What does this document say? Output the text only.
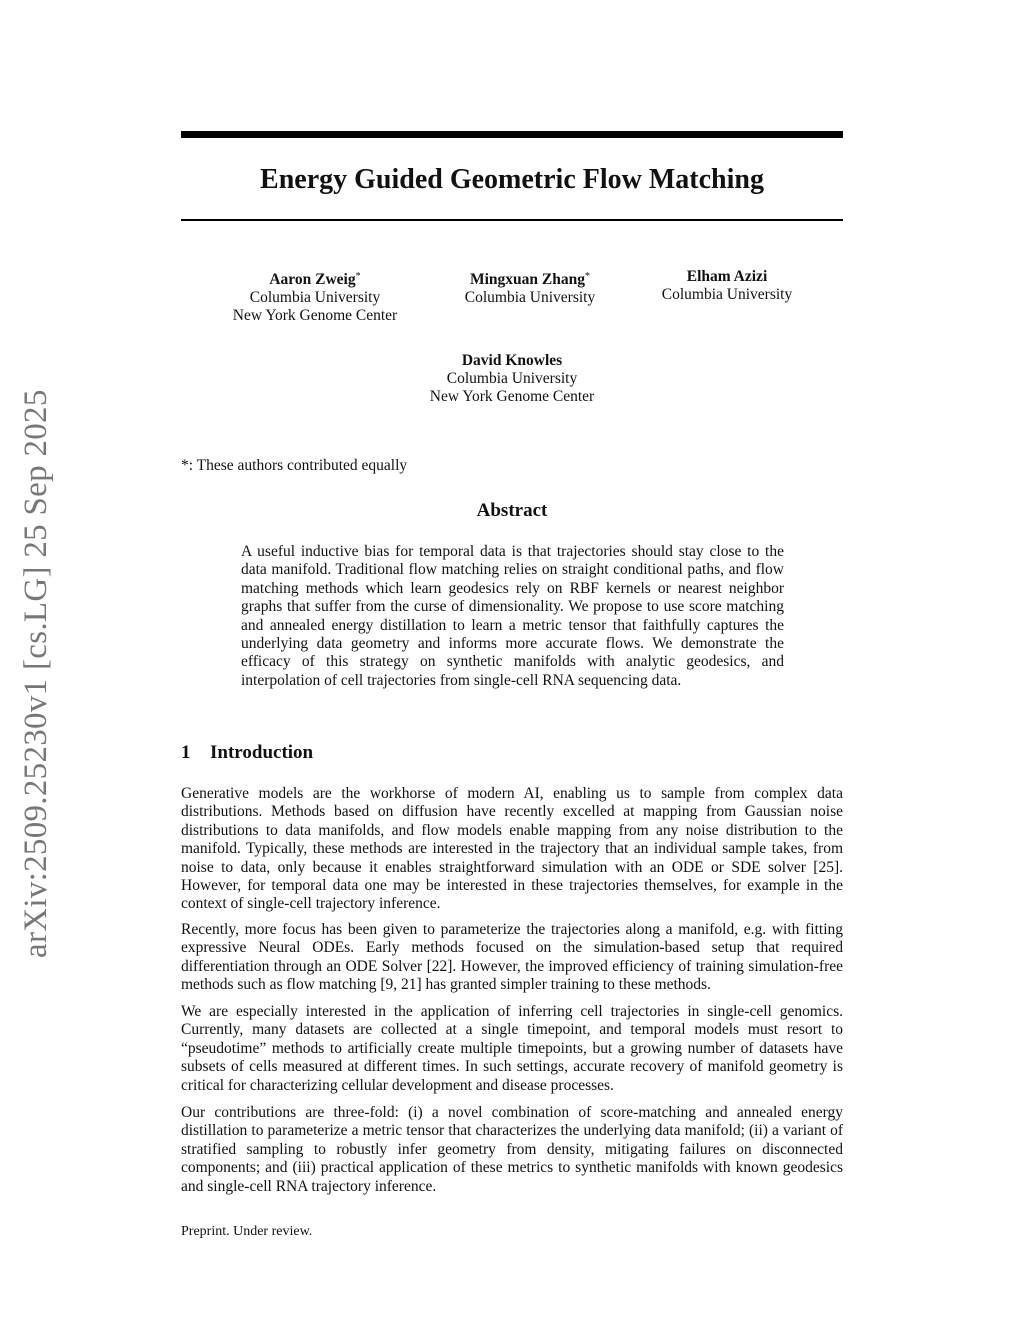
arXiv:2509.25230v1 [cs.LG] 25 Sep 2025
Energy Guided Geometric Flow Matching
Aaron Zweig*
Columbia University
New York Genome Center
Mingxuan Zhang*
Columbia University
Elham Azizi
Columbia University
David Knowles
Columbia University
New York Genome Center
*: These authors contributed equally
Abstract
A useful inductive bias for temporal data is that trajectories should stay close to the data manifold. Traditional flow matching relies on straight conditional paths, and flow matching methods which learn geodesics rely on RBF kernels or nearest neighbor graphs that suffer from the curse of dimensionality. We propose to use score matching and annealed energy distillation to learn a metric tensor that faithfully captures the underlying data geometry and informs more accurate flows. We demonstrate the efficacy of this strategy on synthetic manifolds with analytic geodesics, and interpolation of cell trajectories from single-cell RNA sequencing data.
1 Introduction
Generative models are the workhorse of modern AI, enabling us to sample from complex data distributions. Methods based on diffusion have recently excelled at mapping from Gaussian noise distributions to data manifolds, and flow models enable mapping from any noise distribution to the manifold. Typically, these methods are interested in the trajectory that an individual sample takes, from noise to data, only because it enables straightforward simulation with an ODE or SDE solver [25]. However, for temporal data one may be interested in these trajectories themselves, for example in the context of single-cell trajectory inference.
Recently, more focus has been given to parameterize the trajectories along a manifold, e.g. with fitting expressive Neural ODEs. Early methods focused on the simulation-based setup that required differentiation through an ODE Solver [22]. However, the improved efficiency of training simulation-free methods such as flow matching [9, 21] has granted simpler training to these methods.
We are especially interested in the application of inferring cell trajectories in single-cell genomics. Currently, many datasets are collected at a single timepoint, and temporal models must resort to “pseudotime” methods to artificially create multiple timepoints, but a growing number of datasets have subsets of cells measured at different times. In such settings, accurate recovery of manifold geometry is critical for characterizing cellular development and disease processes.
Our contributions are three-fold: (i) a novel combination of score-matching and annealed energy distillation to parameterize a metric tensor that characterizes the underlying data manifold; (ii) a variant of stratified sampling to robustly infer geometry from density, mitigating failures on disconnected components; and (iii) practical application of these metrics to synthetic manifolds with known geodesics and single-cell RNA trajectory inference.
Preprint. Under review.
